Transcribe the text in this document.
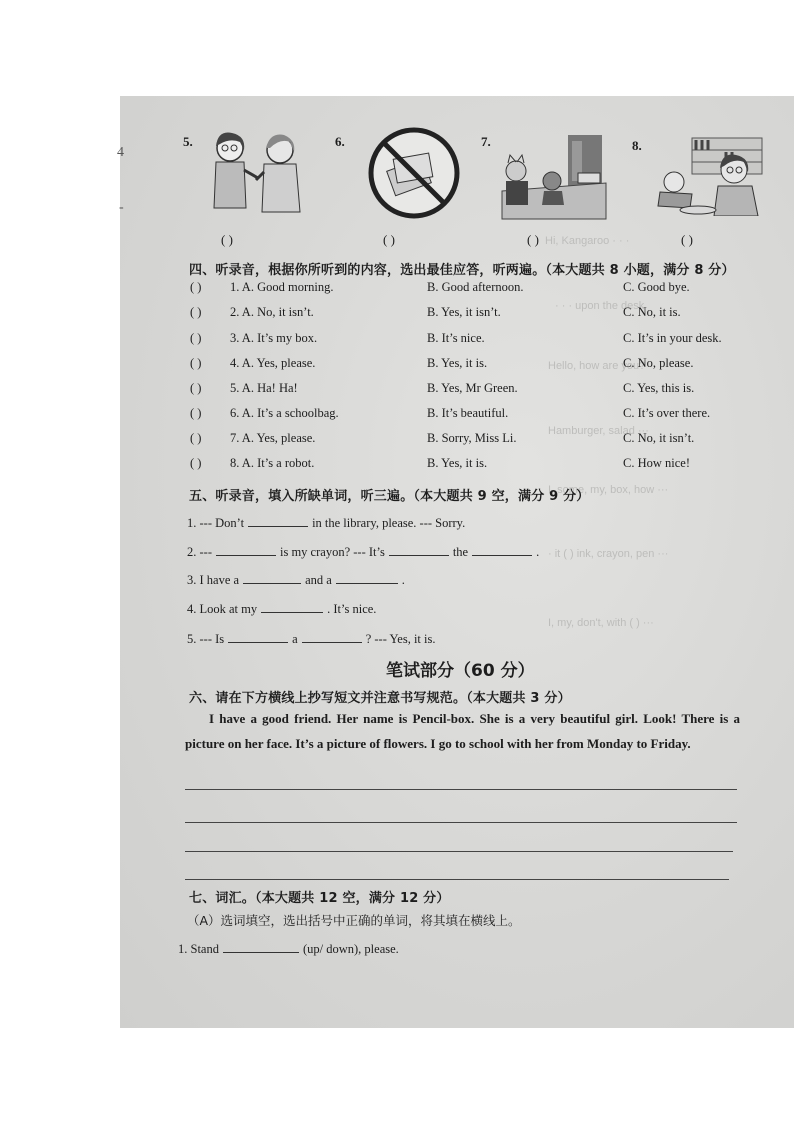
4
-
Hi, Kangaroo · · ·
· · · upon the desk
Hello, how are you?
Hamburger, salad ···
I, some, my, box, how ···
· it ( ) ink, crayon, pen ···
I, my, don't, with ( ) ···
5.	6.	7.	8.
( )	( )	( )	( )
四、听录音，根据你所听到的内容，选出最佳应答，听两遍。（本大题共 8 小题，满分 8 分）
( ) 1. A. Good morning.	B. Good afternoon.	C. Good bye.
( ) 2. A. No, it isn’t.	B. Yes, it isn’t.	C. No, it is.
( ) 3. A. It’s my box.	B. It’s nice.	C. It’s in your desk.
( ) 4. A. Yes, please.	B. Yes, it is.	C. No, please.
( ) 5. A. Ha! Ha!	B. Yes, Mr Green.	C. Yes, this is.
( ) 6. A. It’s a schoolbag.	B. It’s beautiful.	C. It’s over there.
( ) 7. A. Yes, please.	B. Sorry, Miss Li.	C. No, it isn’t.
( ) 8. A. It’s a robot.	B. Yes, it is.	C. How nice!
五、听录音，填入所缺单词，听三遍。（本大题共 9 空，满分 9 分）
1. --- Don’t	in the library, please. --- Sorry.
2. ---	is my crayon? --- It’s	the	.
3. I have a	and a	.
4. Look at my	. It’s nice.
5. --- Is	a	? --- Yes, it is.
笔试部分（60 分）
六、请在下方横线上抄写短文并注意书写规范。（本大题共 3 分）
I have a good friend. Her name is Pencil-box. She is a very beautiful girl. Look! There is a picture on her face. It’s a picture of flowers. I go to school with her from Monday to Friday.
七、词汇。（本大题共 12 空，满分 12 分）
（A）选词填空，选出括号中正确的单词，将其填在横线上。
1. Stand	(up/ down), please.
